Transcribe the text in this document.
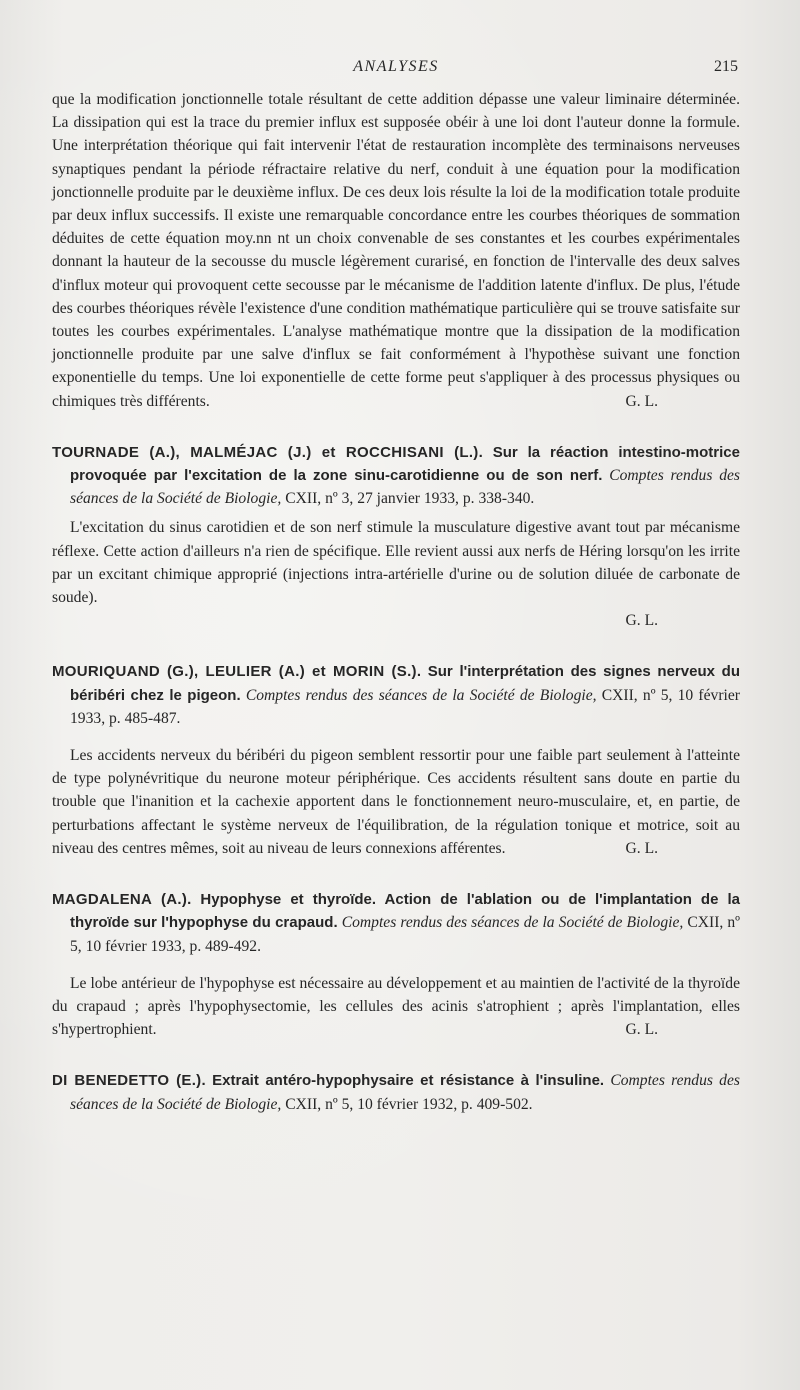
ANALYSES	215

que la modification jonctionnelle totale résultant de cette addition dépasse une valeur liminaire déterminée. La dissipation qui est la trace du premier influx est supposée obéir à une loi dont l'auteur donne la formule. Une interprétation théorique qui fait intervenir l'état de restauration incomplète des terminaisons nerveuses synaptiques pendant la période réfractaire relative du nerf, conduit à une équation pour la modification jonctionnelle produite par le deuxième influx. De ces deux lois résulte la loi de la modification totale produite par deux influx successifs. Il existe une remarquable concordance entre les courbes théoriques de sommation déduites de cette équation moy.nn nt un choix convenable de ses constantes et les courbes expérimentales donnant la hauteur de la secousse du muscle légèrement curarisé, en fonction de l'intervalle des deux salves d'influx moteur qui provoquent cette secousse par le mécanisme de l'addition latente d'influx. De plus, l'étude des courbes théoriques révèle l'existence d'une condition mathématique particulière qui se trouve satisfaite sur toutes les courbes expérimentales. L'analyse mathématique montre que la dissipation de la modification jonctionnelle produite par une salve d'influx se fait conformément à l'hypothèse suivant une fonction exponentielle du temps. Une loi exponentielle de cette forme peut s'appliquer à des processus physiques ou chimiques très différents.	G. L.

TOURNADE (A.), MALMÉJAC (J.) et ROCCHISANI (L.). Sur la réaction intestino-motrice provoquée par l'excitation de la zone sinu-carotidienne ou de son nerf. Comptes rendus des séances de la Société de Biologie, CXII, nº 3, 27 janvier 1933, p. 338-340.

L'excitation du sinus carotidien et de son nerf stimule la musculature digestive avant tout par mécanisme réflexe. Cette action d'ailleurs n'a rien de spécifique. Elle revient aussi aux nerfs de Héring lorsqu'on les irrite par un excitant chimique approprié (injections intra-artérielle d'urine ou de solution diluée de carbonate de soude).

G. L.

MOURIQUAND (G.), LEULIER (A.) et MORIN (S.). Sur l'interprétation des signes nerveux du béribéri chez le pigeon. Comptes rendus des séances de la Société de Biologie, CXII, nº 5, 10 février 1933, p. 485-487.

Les accidents nerveux du béribéri du pigeon semblent ressortir pour une faible part seulement à l'atteinte de type polynévritique du neurone moteur périphérique. Ces accidents résultent sans doute en partie du trouble que l'inanition et la cachexie apportent dans le fonctionnement neuro-musculaire, et, en partie, de perturbations affectant le système nerveux de l'équilibration, de la régulation tonique et motrice, soit au niveau des centres mêmes, soit au niveau de leurs connexions afférentes.	G. L.

MAGDALENA (A.). Hypophyse et thyroïde. Action de l'ablation ou de l'implantation de la thyroïde sur l'hypophyse du crapaud. Comptes rendus des séances de la Société de Biologie, CXII, nº 5, 10 février 1933, p. 489-492.

Le lobe antérieur de l'hypophyse est nécessaire au développement et au maintien de l'activité de la thyroïde du crapaud ; après l'hypophysectomie, les cellules des acinis s'atrophient ; après l'implantation, elles s'hypertrophient.	G. L.

DI BENEDETTO (E.). Extrait antéro-hypophysaire et résistance à l'insuline. Comptes rendus des séances de la Société de Biologie, CXII, nº 5, 10 février 1932, p. 409-502.
